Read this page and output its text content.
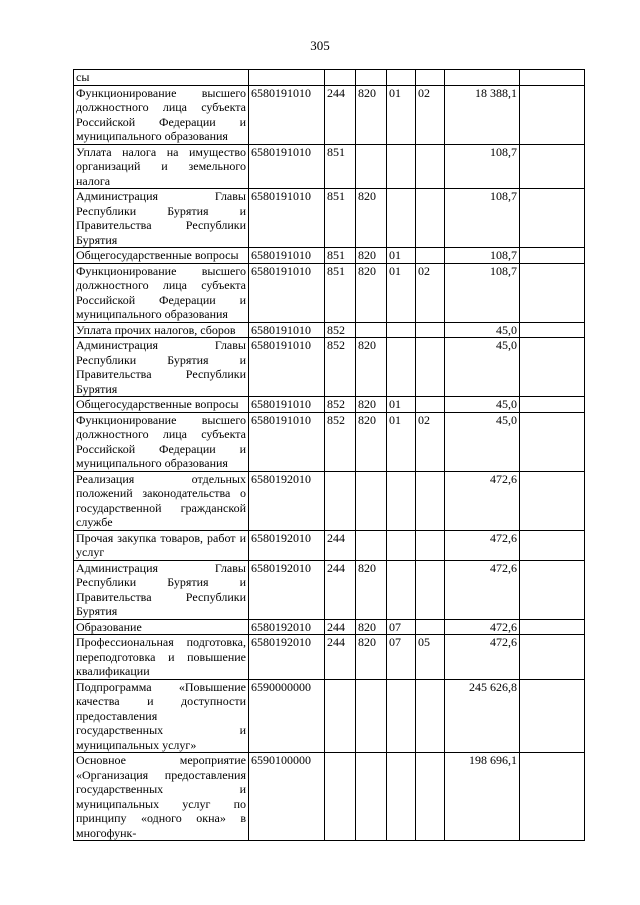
305
сы							
Функционирование высшего должностного лица субъекта Российской Федерации и муниципального образования	6580191010	244	820	01	02	18 388,1	
Уплата налога на имущество организаций и земельного налога	6580191010	851				108,7	
Администрация Главы Республики Бурятия и Правительства Республики Бурятия	6580191010	851	820			108,7	
Общегосударственные вопросы	6580191010	851	820	01		108,7	
Функционирование высшего должностного лица субъекта Российской Федерации и муниципального образования	6580191010	851	820	01	02	108,7	
Уплата прочих налогов, сборов	6580191010	852				45,0	
Администрация Главы Республики Бурятия и Правительства Республики Бурятия	6580191010	852	820			45,0	
Общегосударственные вопросы	6580191010	852	820	01		45,0	
Функционирование высшего должностного лица субъекта Российской Федерации и муниципального образования	6580191010	852	820	01	02	45,0	
Реализация отдельных положений законодательства о государственной гражданской службе	6580192010					472,6	
Прочая закупка товаров, работ и услуг	6580192010	244				472,6	
Администрация Главы Республики Бурятия и Правительства Республики Бурятия	6580192010	244	820			472,6	
Образование	6580192010	244	820	07		472,6	
Профессиональная подготовка, переподготовка и повышение квалификации	6580192010	244	820	07	05	472,6	
Подпрограмма «Повышение качества и доступности предоставления государственных и муниципальных услуг»	6590000000					245 626,8	
Основное мероприятие «Организация предоставления государственных и муниципальных услуг по принципу «одного окна» в многофунк-	6590100000					198 696,1	
